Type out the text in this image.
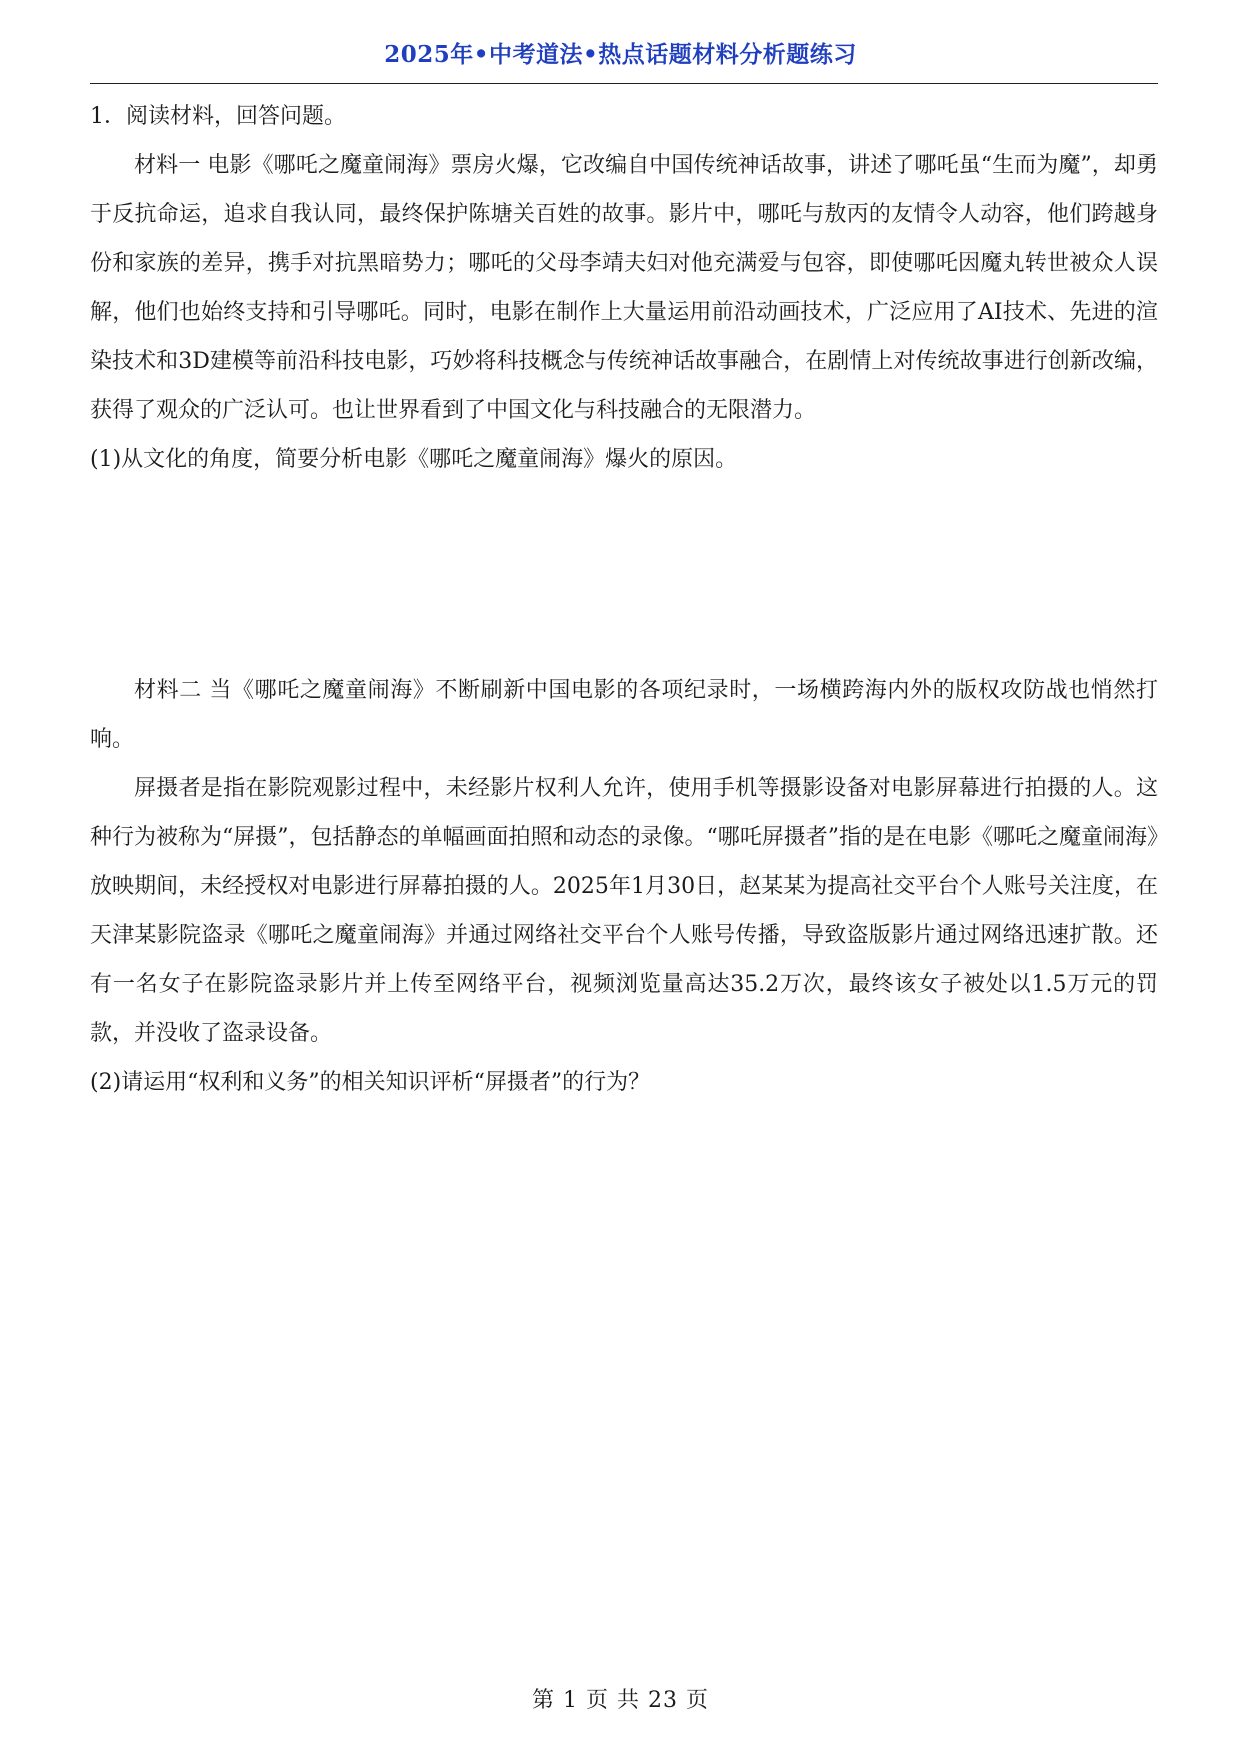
2025年•中考道法•热点话题材料分析题练习

1．阅读材料，回答问题。

材料一 电影《哪吒之魔童闹海》票房火爆，它改编自中国传统神话故事，讲述了哪吒虽“生而为魔”，却勇于反抗命运，追求自我认同，最终保护陈塘关百姓的故事。影片中，哪吒与敖丙的友情令人动容，他们跨越身份和家族的差异，携手对抗黑暗势力；哪吒的父母李靖夫妇对他充满爱与包容，即使哪吒因魔丸转世被众人误解，他们也始终支持和引导哪吒。同时，电影在制作上大量运用前沿动画技术，广泛应用了AI技术、先进的渲染技术和3D建模等前沿科技电影，巧妙将科技概念与传统神话故事融合，在剧情上对传统故事进行创新改编，获得了观众的广泛认可。也让世界看到了中国文化与科技融合的无限潜力。

(1)从文化的角度，简要分析电影《哪吒之魔童闹海》爆火的原因。

材料二 当《哪吒之魔童闹海》不断刷新中国电影的各项纪录时，一场横跨海内外的版权攻防战也悄然打响。

屏摄者是指在影院观影过程中，未经影片权利人允许，使用手机等摄影设备对电影屏幕进行拍摄的人。这种行为被称为“屏摄”，包括静态的单幅画面拍照和动态的录像。“哪吒屏摄者”指的是在电影《哪吒之魔童闹海》放映期间，未经授权对电影进行屏幕拍摄的人。2025年1月30日，赵某某为提高社交平台个人账号关注度，在天津某影院盗录《哪吒之魔童闹海》并通过网络社交平台个人账号传播，导致盗版影片通过网络迅速扩散。还有一名女子在影院盗录影片并上传至网络平台，视频浏览量高达35.2万次，最终该女子被处以1.5万元的罚款，并没收了盗录设备。

(2)请运用“权利和义务”的相关知识评析“屏摄者”的行为？

第 1 页 共 23 页
